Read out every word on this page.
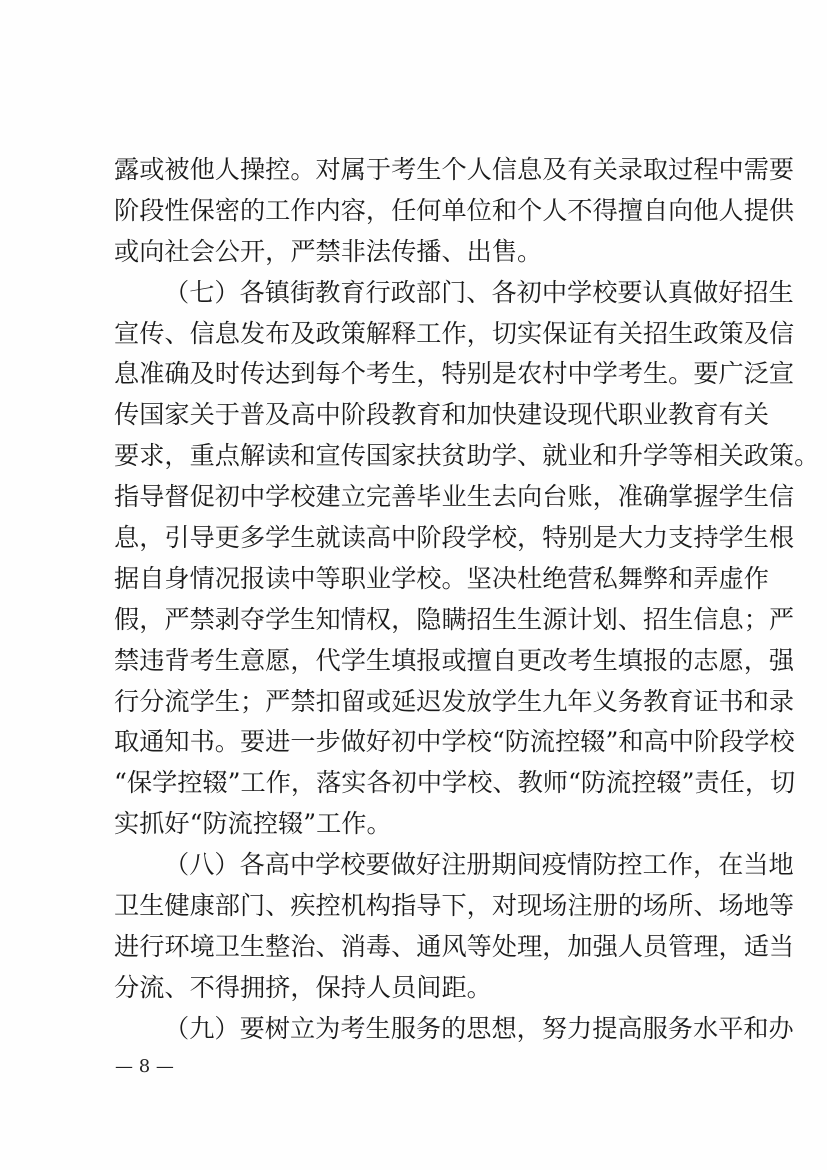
露或被他人操控。对属于考生个人信息及有关录取过程中需要
阶段性保密的工作内容，任何单位和个人不得擅自向他人提供
或向社会公开，严禁非法传播、出售。
（七）各镇街教育行政部门、各初中学校要认真做好招生
宣传、信息发布及政策解释工作，切实保证有关招生政策及信
息准确及时传达到每个考生，特别是农村中学考生。要广泛宣
传国家关于普及高中阶段教育和加快建设现代职业教育有关
要求，重点解读和宣传国家扶贫助学、就业和升学等相关政策。
指导督促初中学校建立完善毕业生去向台账，准确掌握学生信
息，引导更多学生就读高中阶段学校，特别是大力支持学生根
据自身情况报读中等职业学校。坚决杜绝营私舞弊和弄虚作
假，严禁剥夺学生知情权，隐瞒招生生源计划、招生信息；严
禁违背考生意愿，代学生填报或擅自更改考生填报的志愿，强
行分流学生；严禁扣留或延迟发放学生九年义务教育证书和录
取通知书。要进一步做好初中学校“防流控辍”和高中阶段学校
“保学控辍”工作，落实各初中学校、教师“防流控辍”责任，切
实抓好“防流控辍”工作。
（八）各高中学校要做好注册期间疫情防控工作，在当地
卫生健康部门、疾控机构指导下，对现场注册的场所、场地等
进行环境卫生整治、消毒、通风等处理，加强人员管理，适当
分流、不得拥挤，保持人员间距。
（九）要树立为考生服务的思想，努力提高服务水平和办
— 8 —
